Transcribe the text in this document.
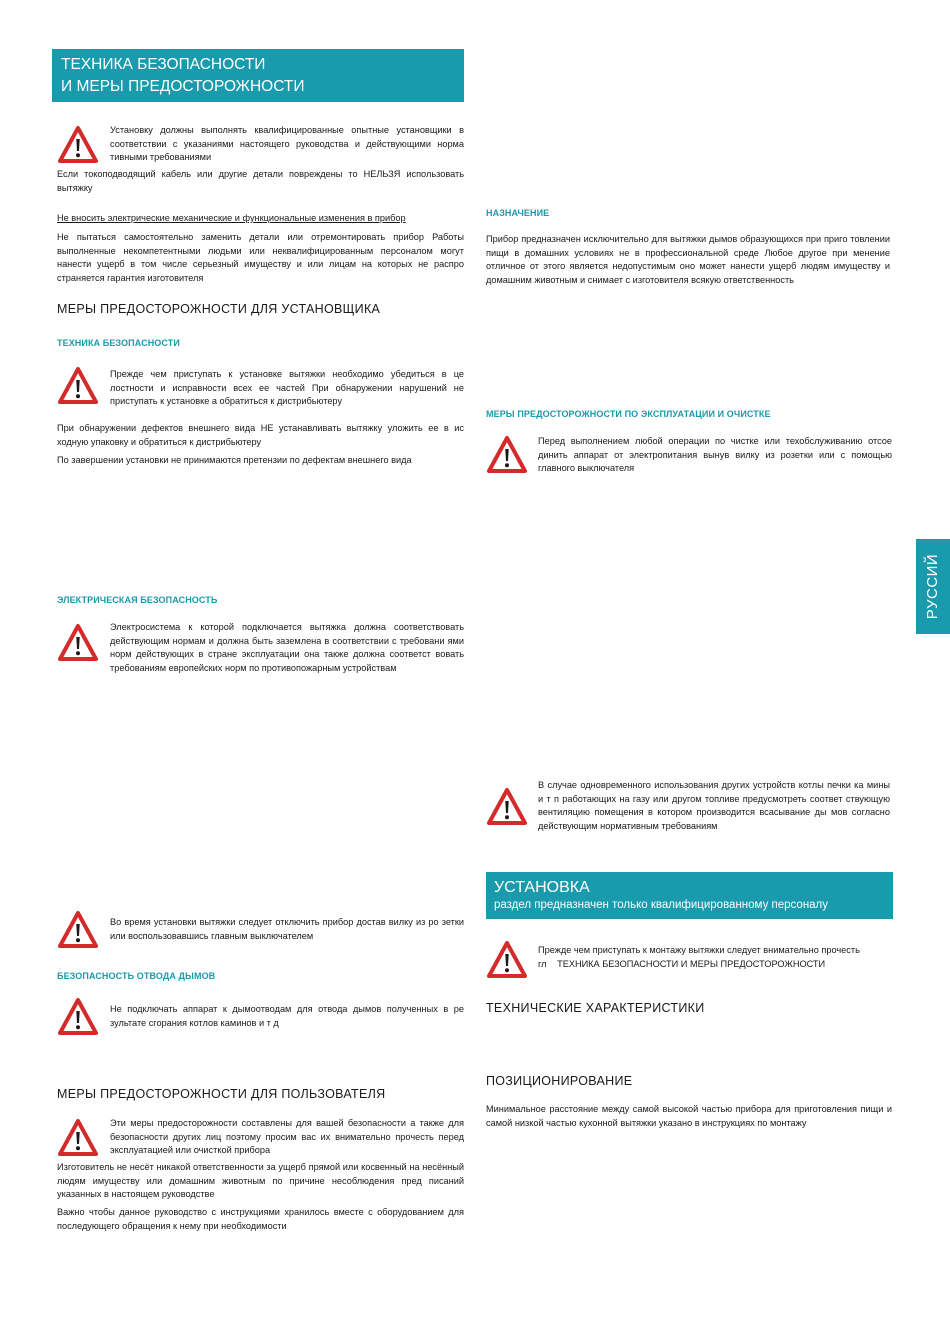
ТЕХНИКА БЕЗОПАСНОСТИ
И МЕРЫ ПРЕДОСТОРОЖНОСТИ

Установку должны выполнять квалифицированные опытные установщики в соответствии с указаниями настоящего руководства и действующими норма тивными требованиями

Если токоподводящий кабель или другие детали повреждены то НЕЛЬЗЯ использовать вытяжку

Не вносить электрические механические и функциональные изменения в прибор

Не пытаться самостоятельно заменить детали или отремонтировать прибор Работы выполненные некомпетентными людьми или неквалифицированным персоналом могут нанести ущерб в том числе серьезный имуществу и или лицам на которых не распро страняется гарантия изготовителя

МЕРЫ ПРЕДОСТОРОЖНОСТИ ДЛЯ УСТАНОВЩИКА
ТЕХНИКА БЕЗОПАСНОСТИ

Прежде чем приступать к установке вытяжки необходимо убедиться в це лостности и исправности всех ее частей При обнаружении нарушений не приступать к установке а обратиться к дистрибьютеру

При обнаружении дефектов внешнего вида НЕ устанавливать вытяжку уложить ее в ис ходную упаковку и обратиться к дистрибьютеру

По завершении установки не принимаются претензии по дефектам внешнего вида

ЭЛЕКТРИЧЕСКАЯ БЕЗОПАСНОСТЬ

Электросистема к которой подключается вытяжка должна соответствовать действующим нормам и должна быть заземлена в соответствии с требовани ями норм действующих в стране эксплуатации она также должна соответст вовать требованиям европейских норм по противопожарным устройствам

Во время установки вытяжки следует отключить прибор достав вилку из ро зетки или воспользовавшись главным выключателем

БЕЗОПАСНОСТЬ ОТВОДА ДЫМОВ

Не подключать аппарат к дымоотводам для отвода дымов полученных в ре зультате сгорания котлов каминов и т д

МЕРЫ ПРЕДОСТОРОЖНОСТИ ДЛЯ ПОЛЬЗОВАТЕЛЯ

Эти меры предосторожности составлены для вашей безопасности а также для безопасности других лиц поэтому просим вас их внимательно прочесть перед эксплуатацией или очисткой прибора

Изготовитель не несёт никакой ответственности за ущерб прямой или косвенный на несённый людям имуществу или домашним животным по причине несоблюдения пред писаний указанных в настоящем руководстве

Важно чтобы данное руководство с инструкциями хранилось вместе с оборудованием для последующего обращения к нему при необходимости

НАЗНАЧЕНИЕ

Прибор предназначен исключительно для вытяжки дымов образующихся при приго товлении пищи в домашних условиях не в профессиональной среде Любое другое при менение отличное от этого является недопустимым оно может нанести ущерб людям имуществу и домашним животным и снимает с изготовителя всякую ответственность

МЕРЫ ПРЕДОСТОРОЖНОСТИ ПО ЭКСПЛУАТАЦИИ И ОЧИСТКЕ

Перед выполнением любой операции по чистке или техобслуживанию отсое динить аппарат от электропитания вынув вилку из розетки или с помощью главного выключателя

В случае одновременного использования других устройств котлы печки ка мины и т п работающих на газу или другом топливе предусмотреть соответ ствующую вентиляцию помещения в котором производится всасывание ды мов согласно действующим нормативным требованиям

УСТАНОВКА
раздел предназначен только квалифицированному персоналу

Прежде чем приступать к монтажу вытяжки следует внимательно прочесть

гл ТЕХНИКА БЕЗОПАСНОСТИ И МЕРЫ ПРЕДОСТОРОЖНОСТИ

ТЕХНИЧЕСКИЕ ХАРАКТЕРИСТИКИ
ПОЗИЦИОНИРОВАНИЕ

Минимальное расстояние между самой высокой частью прибора для приготовления пищи и самой низкой частью кухонной вытяжки указано в инструкциях по монтажу

РУССИЙ
